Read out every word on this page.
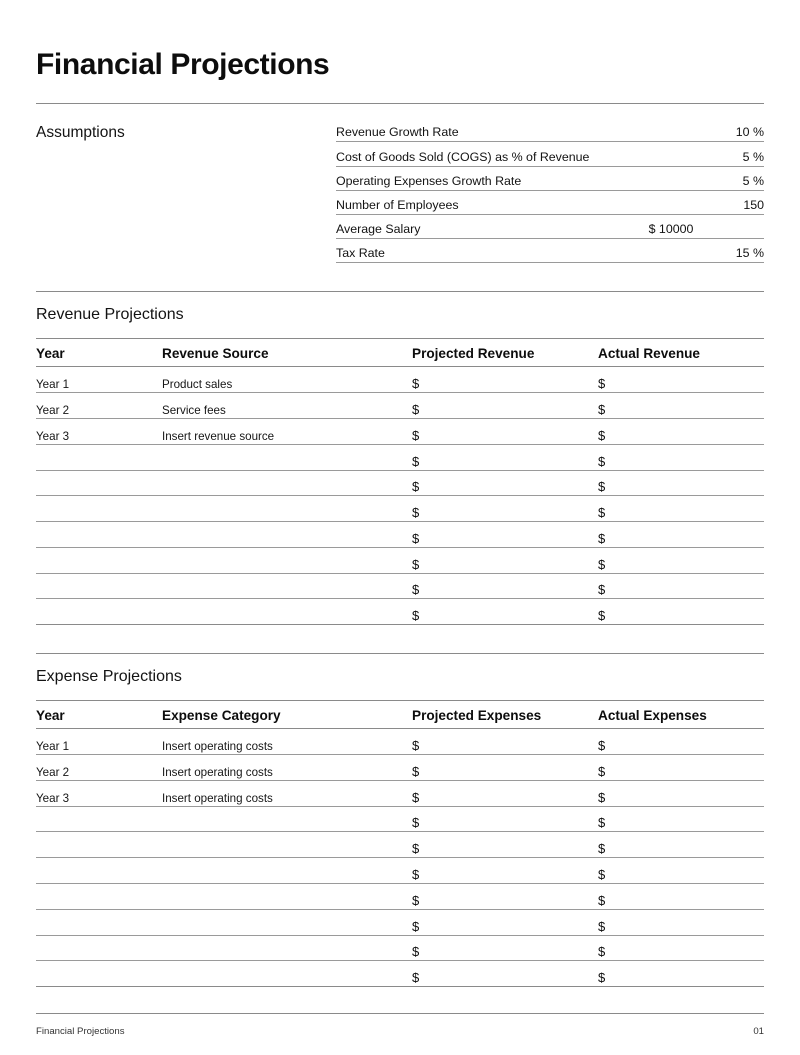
Financial Projections
Assumptions	Revenue Growth Rate	10 %
Cost of Goods Sold (COGS) as % of Revenue	5 %
Operating Expenses Growth Rate	5 %
Number of Employees	150
Average Salary	$ 10000
Tax Rate	15 %
Revenue Projections
Year	Revenue Source	Projected Revenue	Actual Revenue
Year 1	Product sales	$	$
Year 2	Service fees	$	$
Year 3	Insert revenue source	$	$
		$	$
		$	$
		$	$
		$	$
		$	$
		$	$
		$	$
Expense Projections
Year	Expense Category	Projected Expenses	Actual Expenses
Year 1	Insert operating costs	$	$
Year 2	Insert operating costs	$	$
Year 3	Insert operating costs	$	$
		$	$
		$	$
		$	$
		$	$
		$	$
		$	$
		$	$
Financial Projections	01
